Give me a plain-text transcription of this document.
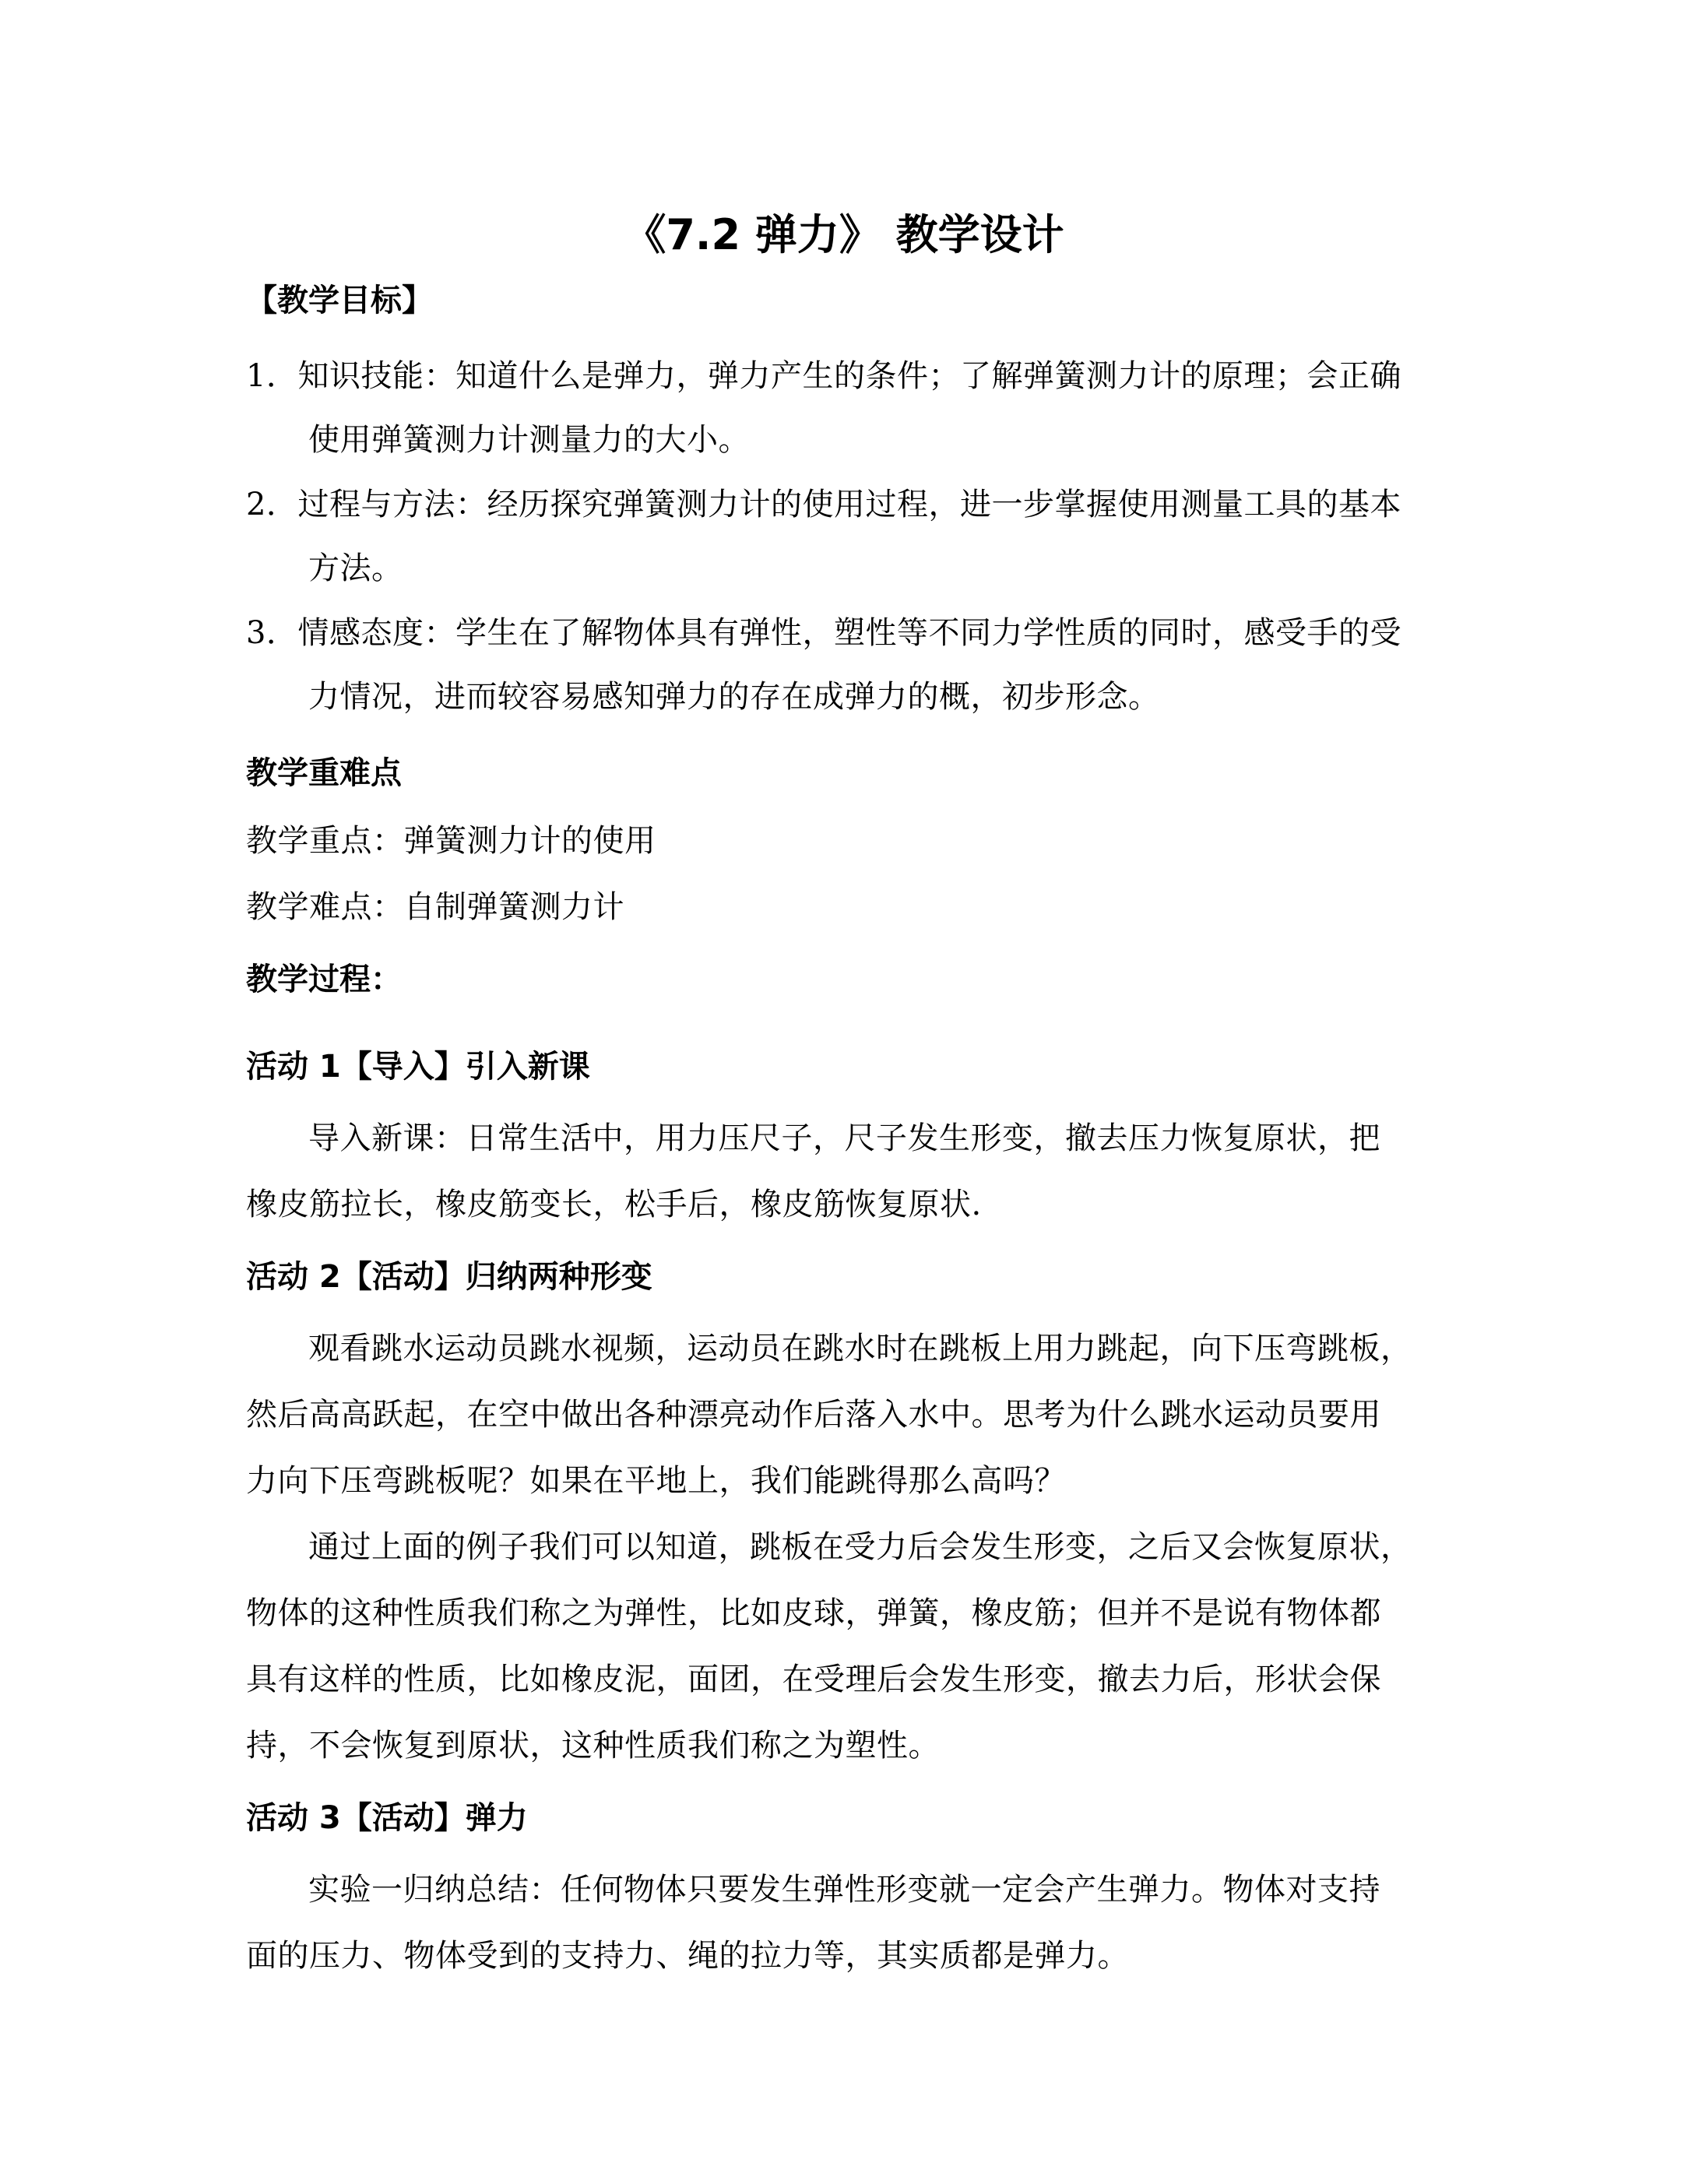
《7.2 弹力》 教学设计
【教学目标】

1．知识技能：知道什么是弹力，弹力产生的条件；了解弹簧测力计的原理；会正确

使用弹簧测力计测量力的大小。

2．过程与方法：经历探究弹簧测力计的使用过程，进一步掌握使用测量工具的基本

方法。

3．情感态度：学生在了解物体具有弹性，塑性等不同力学性质的同时，感受手的受

力情况，进而较容易感知弹力的存在成弹力的概，初步形念。

教学重难点

教学重点：弹簧测力计的使用

教学难点：自制弹簧测力计

教学过程：
活动 1【导入】引入新课

导入新课：日常生活中，用力压尺子，尺子发生形变，撤去压力恢复原状，把

橡皮筋拉长，橡皮筋变长，松手后，橡皮筋恢复原状.

活动 2【活动】归纳两种形变

观看跳水运动员跳水视频，运动员在跳水时在跳板上用力跳起，向下压弯跳板，

然后高高跃起，在空中做出各种漂亮动作后落入水中。思考为什么跳水运动员要用

力向下压弯跳板呢？如果在平地上，我们能跳得那么高吗？

通过上面的例子我们可以知道，跳板在受力后会发生形变，之后又会恢复原状，

物体的这种性质我们称之为弹性，比如皮球，弹簧，橡皮筋；但并不是说有物体都

具有这样的性质，比如橡皮泥，面团，在受理后会发生形变，撤去力后，形状会保

持，不会恢复到原状，这种性质我们称之为塑性。

活动 3【活动】弹力

实验一归纳总结：任何物体只要发生弹性形变就一定会产生弹力。物体对支持

面的压力、物体受到的支持力、绳的拉力等，其实质都是弹力。
